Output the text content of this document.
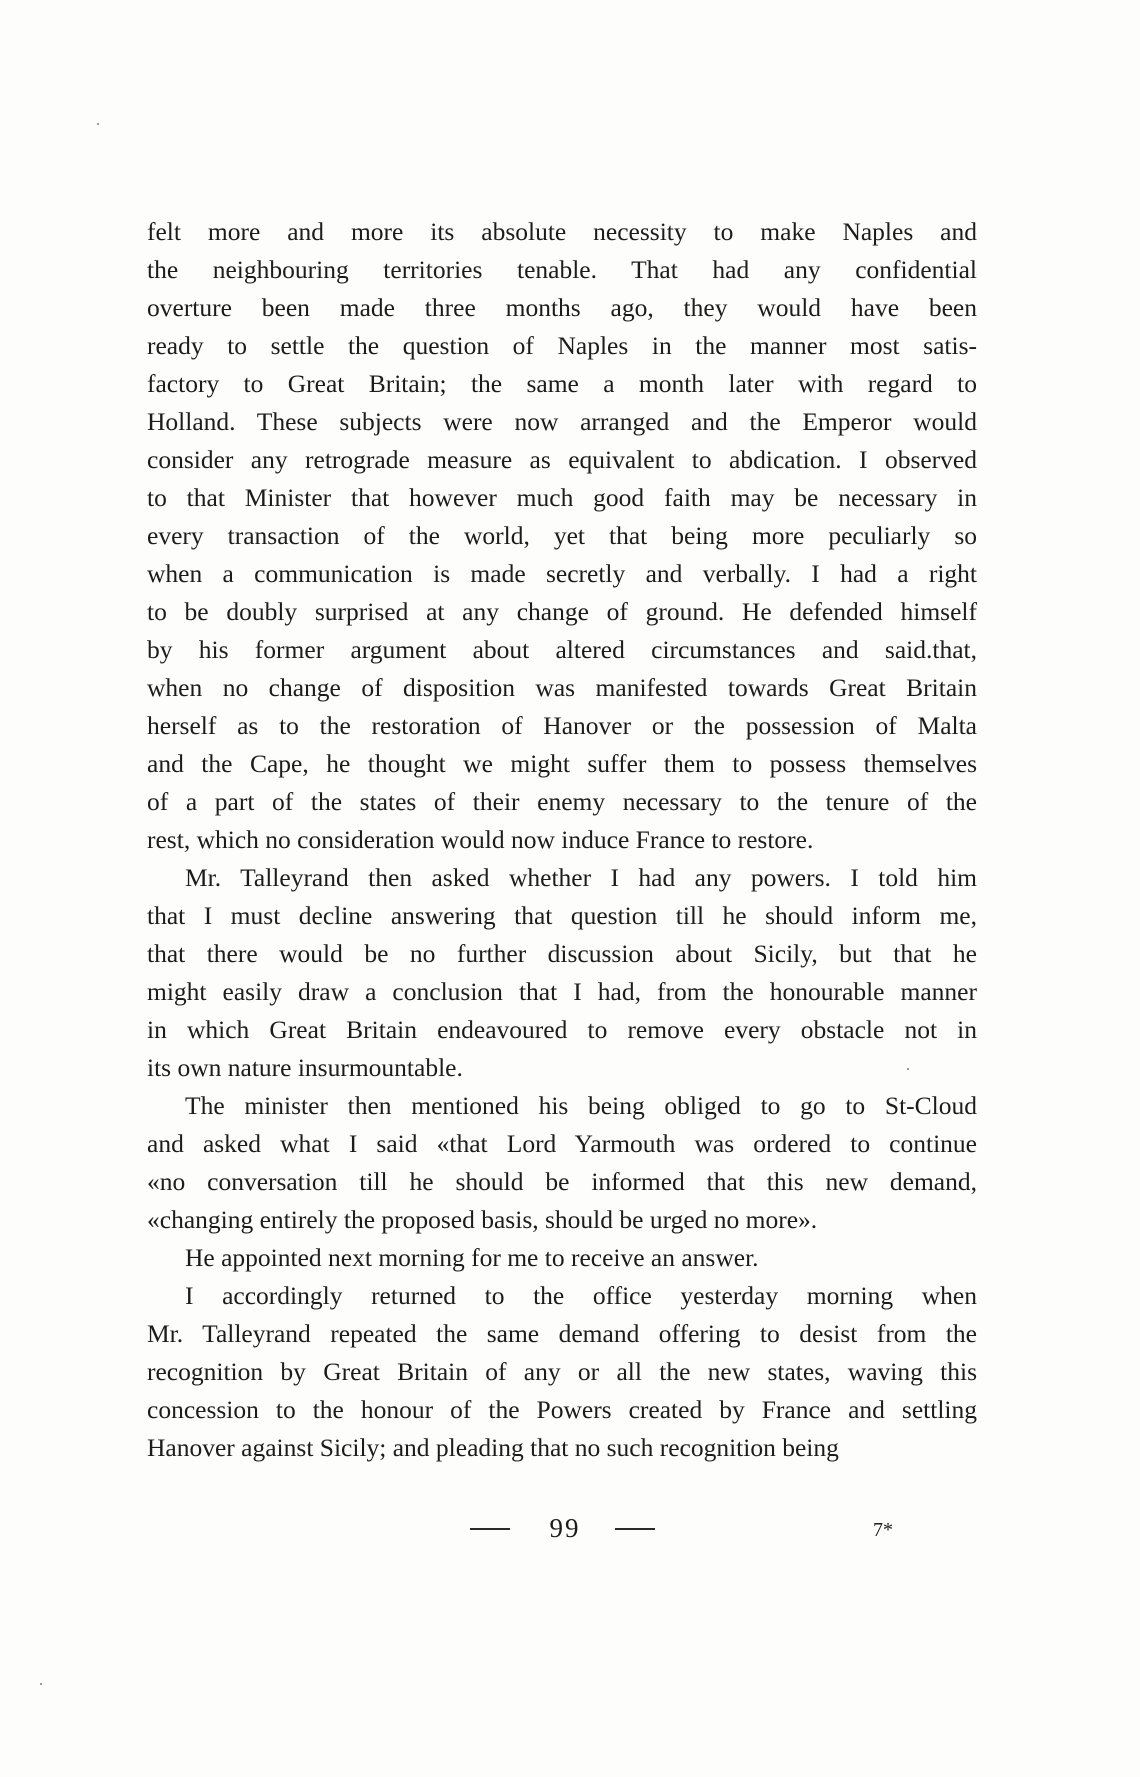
felt more and more its absolute necessity to make Naples and
the neighbouring territories tenable. That had any confidential
overture been made three months ago, they would have been
ready to settle the question of Naples in the manner most satis-
factory to Great Britain; the same a month later with regard to
Holland. These subjects were now arranged and the Emperor would
consider any retrograde measure as equivalent to abdication. I observed
to that Minister that however much good faith may be necessary in
every transaction of the world, yet that being more peculiarly so
when a communication is made secretly and verbally. I had a right
to be doubly surprised at any change of ground. He defended himself
by his former argument about altered circumstances and said.that,
when no change of disposition was manifested towards Great Britain
herself as to the restoration of Hanover or the possession of Malta
and the Cape, he thought we might suffer them to possess themselves
of a part of the states of their enemy necessary to the tenure of the
rest, which no consideration would now induce France to restore.
Mr. Talleyrand then asked whether I had any powers. I told him
that I must decline answering that question till he should inform me,
that there would be no further discussion about Sicily, but that he
might easily draw a conclusion that I had, from the honourable manner
in which Great Britain endeavoured to remove every obstacle not in
its own nature insurmountable.
The minister then mentioned his being obliged to go to St-Cloud
and asked what I said «that Lord Yarmouth was ordered to continue
«no conversation till he should be informed that this new demand,
«changing entirely the proposed basis, should be urged no more».
He appointed next morning for me to receive an answer.
I accordingly returned to the office yesterday morning when
Mr. Talleyrand repeated the same demand offering to desist from the
recognition by Great Britain of any or all the new states, waving this
concession to the honour of the Powers created by France and settling
Hanover against Sicily; and pleading that no such recognition being
99	7*
